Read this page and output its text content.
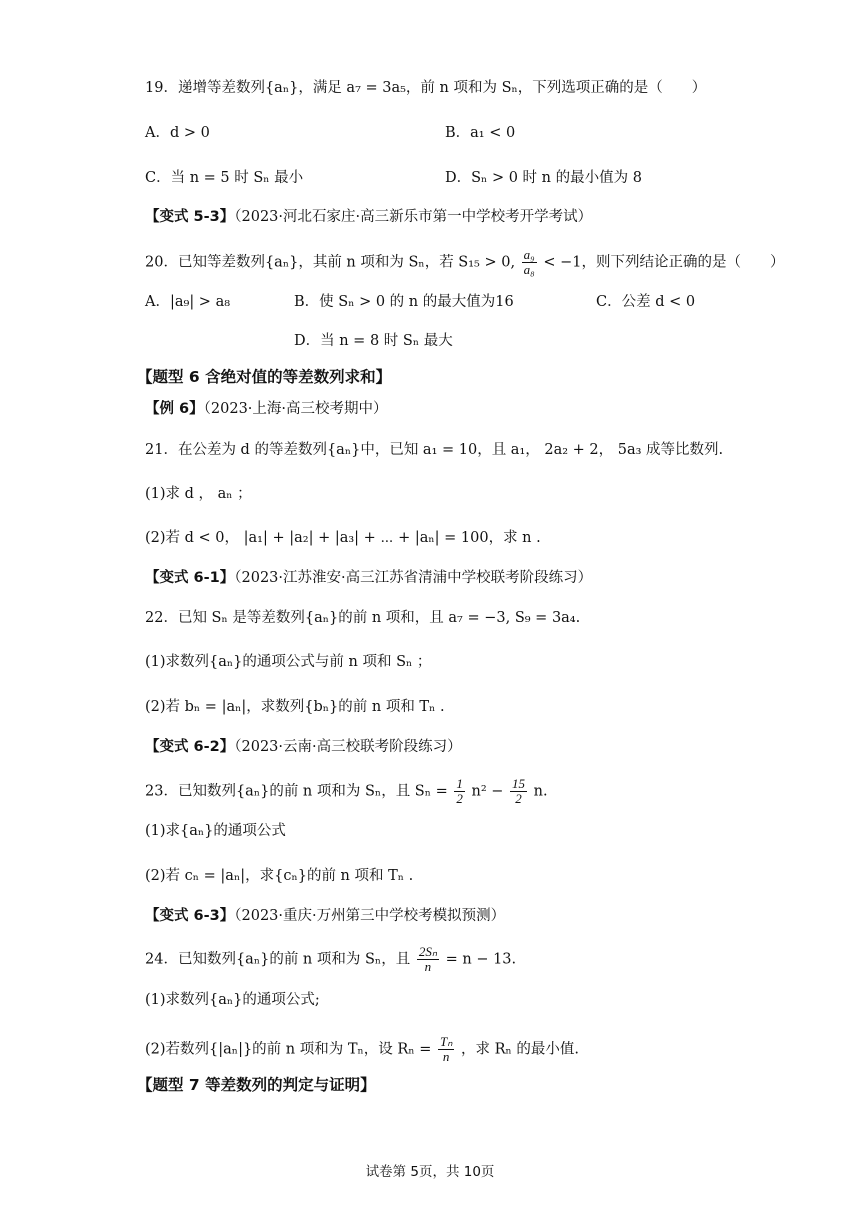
19．递增等差数列{aₙ}，满足 a₇ = 3a₅，前 n 项和为 Sₙ，下列选项正确的是（　　）
A．d > 0	B．a₁ < 0
C．当 n = 5 时 Sₙ 最小	D．Sₙ > 0 时 n 的最小值为 8
【变式 5-3】（2023·河北石家庄·高三新乐市第一中学校考开学考试）
20．已知等差数列{aₙ}，其前 n 项和为 Sₙ，若 S₁₅ > 0, $\frac{\text{a₉}}{\text{a₈}} < -1$，则下列结论正确的是（　　）
A．|a₉| > a₈	B．使 Sₙ > 0 的 n 的最大值为16	C．公差 d < 0
D．当 n = 8 时 Sₙ 最大
【题型 6 含绝对值的等差数列求和】
【例 6】（2023·上海·高三校考期中）
21．在公差为 d 的等差数列{aₙ}中，已知 a₁ = 10，且 a₁， 2a₂ + 2， 5a₃ 成等比数列.
(1)求 d ， aₙ ；
(2)若 d < 0， |a₁| + |a₂| + |a₃| + ⋯ + |aₙ| = 100，求 n .
【变式 6-1】（2023·江苏淮安·高三江苏省清浦中学校联考阶段练习）
22．已知 Sₙ 是等差数列{aₙ}的前 n 项和，且 a₇ = −3, S₉ = 3a₄.
(1)求数列{aₙ}的通项公式与前 n 项和 Sₙ ；
(2)若 bₙ = |aₙ|，求数列{bₙ}的前 n 项和 Tₙ .
【变式 6-2】（2023·云南·高三校联考阶段练习）
23．已知数列{aₙ}的前 n 项和为 Sₙ，且 $S_n = \frac{1}{2} n^2 - \frac{15}{2} n$.
(1)求{aₙ}的通项公式
(2)若 cₙ = |aₙ|，求{cₙ}的前 n 项和 Tₙ .
【变式 6-3】（2023·重庆·万州第三中学校考模拟预测）
24．已知数列{aₙ}的前 n 项和为 Sₙ，且 $\frac{\text{2Sₙ}}{n} = n - 13$.
(1)求数列{aₙ}的通项公式;
(2)若数列{|aₙ|}的前 n 项和为 Tₙ，设 $R_n = \frac{\text{Tₙ}}{n}$ ，求 Rₙ 的最小值.
【题型 7 等差数列的判定与证明】
试卷第 5页，共 10页
